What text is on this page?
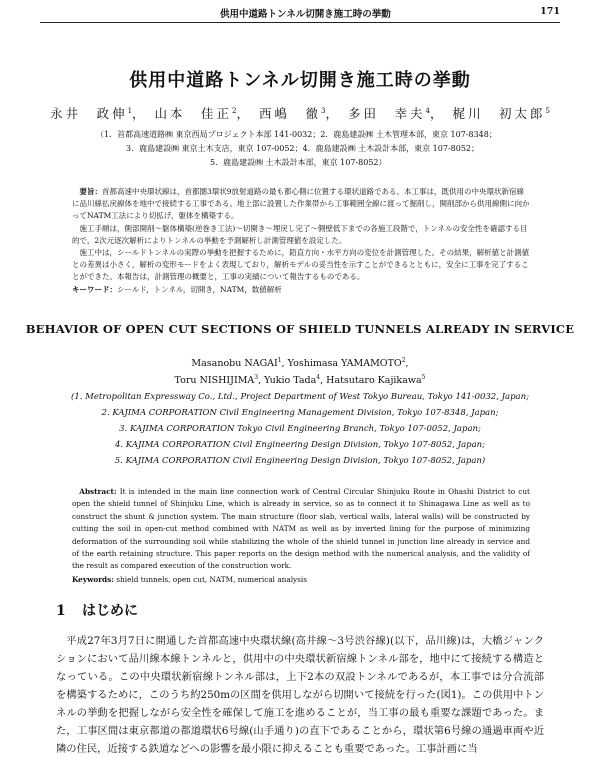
供用中道路トンネル切開き施工時の挙動	171
供用中道路トンネル切開き施工時の挙動
永井　政伸$^1$， 山本　佳正$^2$， 西嶋　徹$^3$， 多田　幸夫$^4$， 梶川　初太郎$^5$
（1．首都高速道路㈱ 東京西局プロジェクト本部 141-0032；2．鹿島建設㈱ 土木管理本部，東京 107-8348；
3．鹿島建設㈱ 東京土木支店，東京 107-0052；4．鹿島建設㈱ 土木設計本部，東京 107-8052；
5．鹿島建設㈱ 土木設計本部，東京 107-8052）

要旨：首都高速中央環状線は，首都圏3環状9放射道路の最も都心側に位置する環状道路である。本工事は，既供用の中央環状新宿線に品川線払戻線体を地中で接続する工事である。地上部に設置した作業帯から工事範囲全線に渡って掘削し，開削部から供用線側に向かってNATM工法により切拡げ，躯体を構築する。

施工手順は，側部開削～躯体構築(逆巻き工法)～切開き～埋戻し完了～側壁低下までの各施工段階で，トンネルの安全性を確認する目的で，2次元逐次解析によりトンネルの挙動を予測解析し計測管理値を設定した。

施工中は，シールドトンネルの実際の挙動を把握するために，鉛直方向・水平方向の変位を計測管理した。その結果，解析値と計測値との差異は小さく，解析の変形モードをよく表現しており，解析モデルの妥当性を示すことができるとともに，安全に工事を完了することができた。本報告は，計測管理の概要と，工事の実績について報告するものである。

キーワード：シールド，トンネル，切開き，NATM，数値解析

BEHAVIOR OF OPEN CUT SECTIONS OF SHIELD TUNNELS ALREADY IN SERVICE
Masanobu NAGAI$^1$, Yoshimasa YAMAMOTO$^2$,
Toru NISHIJIMA$^3$, Yukio Tada$^4$, Hatsutaro Kajikawa$^5$
(1. Metropolitan Expressway Co., Ltd., Project Department of West Tokyo Bureau, Tokyo 141-0032, Japan;
2. KAJIMA CORPORATION Civil Engineering Management Division, Tokyo 107-8348, Japan;
3. KAJIMA CORPORATION Tokyo Civil Engineering Branch, Tokyo 107-0052, Japan;
4. KAJIMA CORPORATION Civil Engineering Design Division, Tokyo 107-8052, Japan;
5. KAJIMA CORPORATION Civil Engineering Design Division, Tokyo 107-8052, Japan)

Abstract: It is intended in the main line connection work of Central Circular Shinjuku Route in Ohashi District to cut open the shield tunnel of Shinjuku Line, which is already in service, so as to connect it to Shinagawa Line as well as to construct the shunt & junction system. The main structure (floor slab, vertical walls, lateral walls) will be constructed by cutting the soil in open-cut method combined with NATM as well as by inverted lining for the purpose of minimizing deformation of the surrounding soil while stabilizing the whole of the shield tunnel in junction line already in service and of the earth retaining structure. This paper reports on the design method with the numerical analysis, and the validity of the result as compared execution of the construction work.

Keywords: shield tunnels, open cut, NATM, numerical analysis

1 はじめに

平成27年3月7日に開通した首都高速中央環状線(高井線～3号渋谷線)(以下，品川線)は，大橋ジャンクションにおいて品川線本線トンネルと，供用中の中央環状新宿線トンネル部を，地中にて接続する構造となっている。この中央環状新宿線トンネル部は，上下2本の双設トンネルであるが，本工事では分合流部を構築するために，このうち約250mの区間を供用しながら切開いて接続を行った(図1)。この供用中トンネルの挙動を把握しながら安全性を確保して施工を進めることが，当工事の最も重要な課題であった。また，工事区間は東京都道の都道環状6号線(山手通り)の直下であることから，環状第6号線の通過車両や近隣の住民，近接する鉄道などへの影響を最小限に抑えることも重要であった。工事計画に当
